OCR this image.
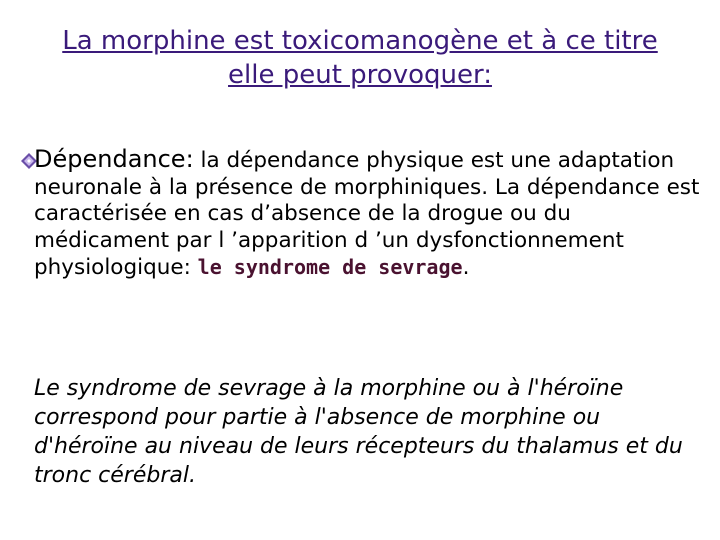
La morphine est toxicomanogène et à ce titre
elle peut provoquer:
Dépendance: la dépendance physique est une adaptation neuronale à la présence de morphiniques. La dépendance est caractérisée en cas d’absence de la drogue ou du médicament par l ’apparition d ’un dysfonctionnement physiologique: le syndrome de sevrage.
Le syndrome de sevrage à la morphine ou à l'héroïne correspond pour partie à l'absence de morphine ou d'héroïne au niveau de leurs récepteurs du thalamus et du tronc cérébral.
